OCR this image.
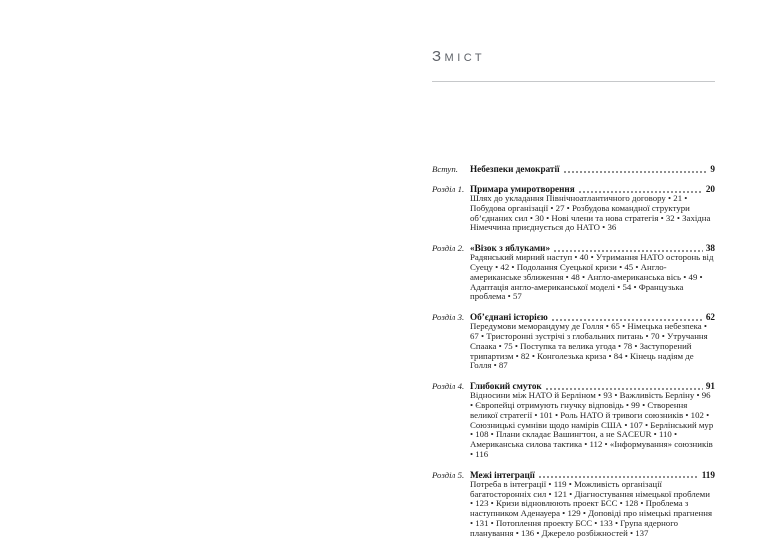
Зміст
Вступ.	Небезпеки демократії	9
Розділ 1. Примара умиротворення	20
Шлях до укладання Північноатлантичного договору • 21 • Побудова організації • 27 • Розбудова командної структури об’єднаних сил • 30 • Нові члени та нова стратегія • 32 • Західна Німеччина приєднується до НАТО • 36
Розділ 2. «Візок з яблуками»	38
Радянський мирний наступ • 40 • Утримання НАТО осторонь від Суецу • 42 • Подолання Суецької кризи • 45 • Англо-американське зближення • 48 • Англо-американська вісь • 49 • Адаптація англо-американської моделі • 54 • Французька проблема • 57
Розділ 3. Об’єднані історією	62
Передумови меморандуму де Голля • 65 • Німецька небезпека • 67 • Тристоронні зустрічі з глобальних питань • 70 • Утручання Спаака • 75 • Поступка та велика угода • 78 • Заступорений трипартизм • 82 • Конголезька криза • 84 • Кінець надіям де Голля • 87
Розділ 4. Глибокий смуток	91
Відносини між НАТО й Берліном • 93 • Важливість Берліну • 96 • Європейці отримують гнучку відповідь • 99 • Створення великої стратегії • 101 • Роль НАТО й тривоги союзників • 102 • Союзницькі сумніви щодо намірів США • 107 • Берлінський мур • 108 • Плани складає Вашингтон, а не SACEUR • 110 • Американська силова тактика • 112 • «Інформування» союзників • 116
Розділ 5. Межі інтеграції	119
Потреба в інтеграції • 119 • Можливість організації багатосторонніх сил • 121 • Діагностування німецької проблеми • 123 • Кризи відновлюють проект БСС • 128 • Проблема з наступником Аденауера • 129 • Доповіді про німецькі прагнення • 131 • Потоплення проекту БСС • 133 • Група ядерного планування • 136 • Джерело розбіжностей • 137
